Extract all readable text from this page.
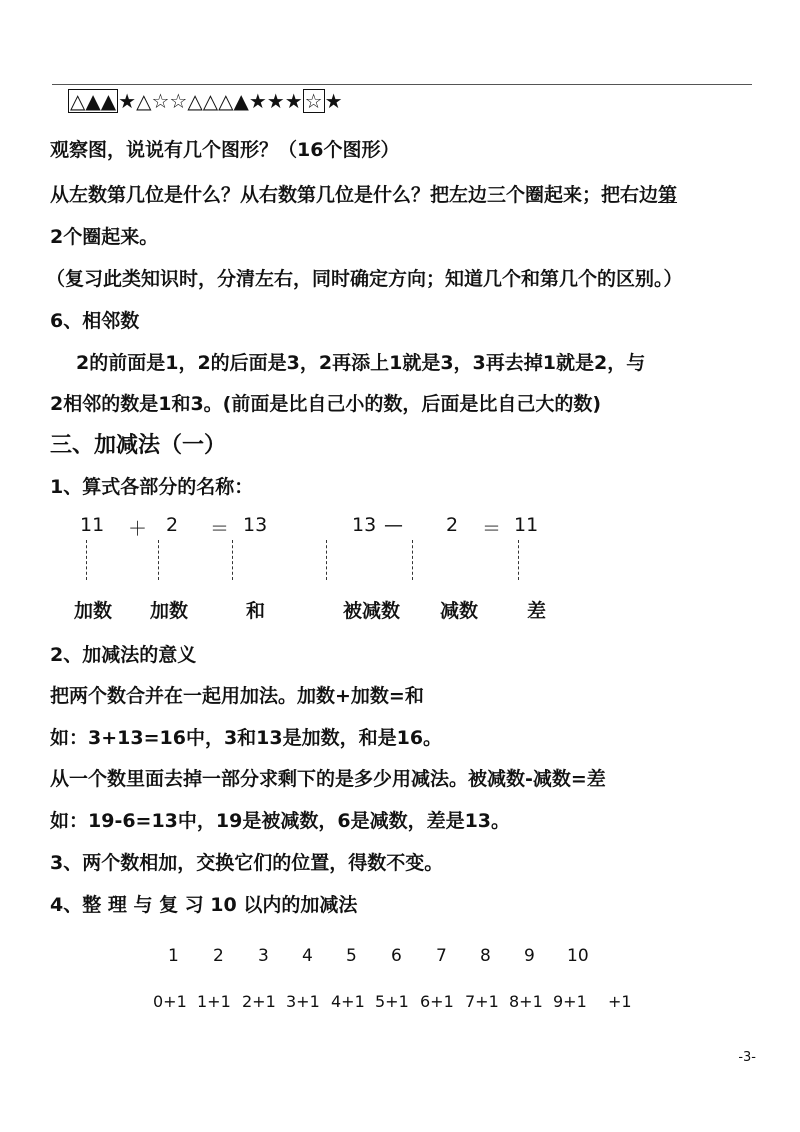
△▲▲ ★△☆☆△△△▲★★★ ☆ ★
观察图，说说有几个图形？（16个图形）
从左数第几位是什么？从右数第几位是什么？把左边三个圈起来；把右边第
2个圈起来。
（复习此类知识时，分清左右，同时确定方向；知道几个和第几个的区别。）
6、相邻数
2的前面是1，2的后面是3，2再添上1就是3，3再去掉1就是2，与
2相邻的数是1和3。(前面是比自己小的数，后面是比自己大的数)
三、加减法（一）
1、算式各部分的名称：
11 ＋ 2 ＝ 13	13 — 2 ＝ 11
加数 加数	和	被减数 减数	差
2、加减法的意义
把两个数合并在一起用加法。加数+加数=和
如：3+13=16中，3和13是加数，和是16。
从一个数里面去掉一部分求剩下的是多少用减法。被减数-减数=差
如：19-6=13中，19是被减数，6是减数，差是13。
3、两个数相加，交换它们的位置，得数不变。
4、整 理 与 复 习 10 以内的加减法
1 2 3 4 5 6 7 8 9 10
0+1 1+1 2+1 3+1 4+1 5+1 6+1 7+1 8+1 9+1 +1
-3-
